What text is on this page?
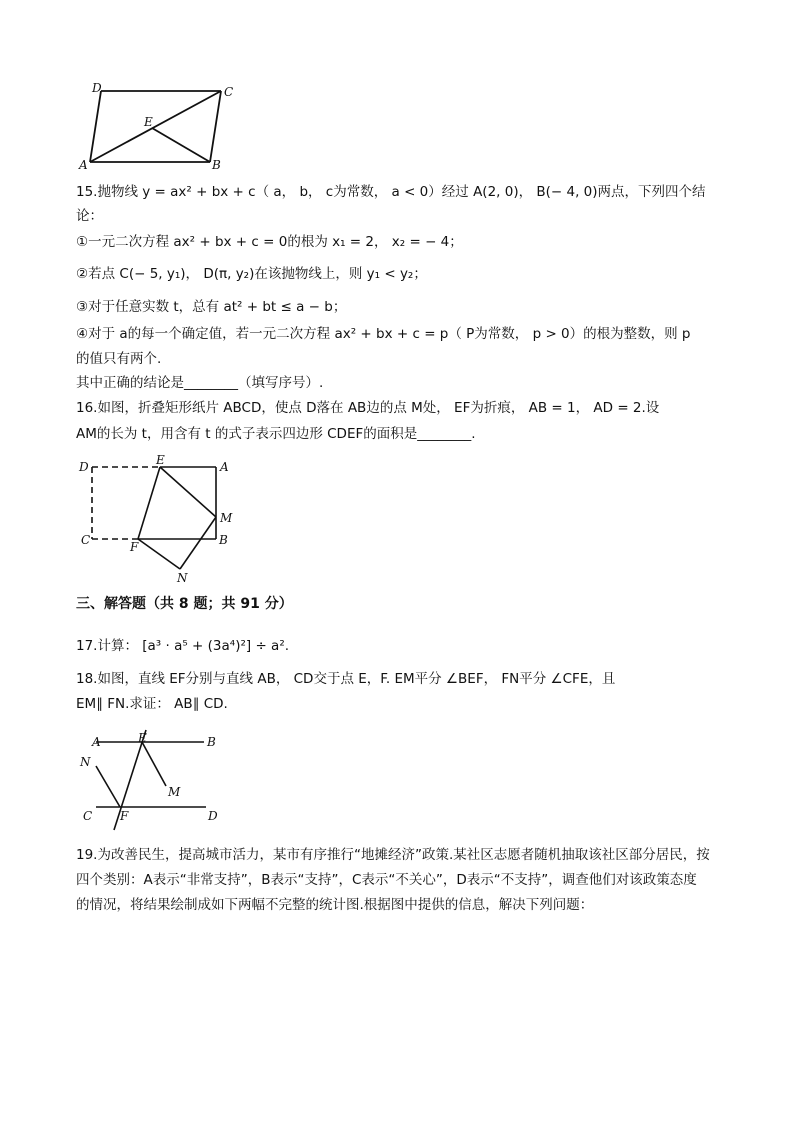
D	C
E
A	B
15.抛物线 y = ax² + bx + c（ a， b， c为常数， a < 0）经过 A(2, 0)， B(− 4, 0)两点，下列四个结
论：
①一元二次方程 ax² + bx + c = 0的根为 x₁ = 2， x₂ = − 4；
②若点 C(− 5, y₁)， D(π, y₂)在该抛物线上，则 y₁ < y₂；
③对于任意实数 t，总有 at² + bt ≤ a − b；
④对于 a的每一个确定值，若一元二次方程 ax² + bx + c = p（ P为常数， p > 0）的根为整数，则 p
的值只有两个.
其中正确的结论是________（填写序号）.
16.如图，折叠矩形纸片 ABCD，使点 D落在 AB边的点 M处， EF为折痕， AB = 1， AD = 2.设
AM的长为 t，用含有 t 的式子表示四边形 CDEF的面积是________.
D	E	A
M
C	F	B
N
三、解答题（共 8 题；共 91 分）
17.计算： [a³ · a⁵ + (3a⁴)²] ÷ a².
18.如图，直线 EF分别与直线 AB， CD交于点 E，F. EM平分 ∠BEF， FN平分 ∠CFE，且
EM∥ FN.求证： AB∥ CD.
A	E	B
N
M
C F	D
19.为改善民生，提高城市活力，某市有序推行“地摊经济”政策.某社区志愿者随机抽取该社区部分居民，按
四个类别：A表示“非常支持”，B表示“支持”，C表示“不关心”，D表示“不支持”，调查他们对该政策态度
的情况，将结果绘制成如下两幅不完整的统计图.根据图中提供的信息，解决下列问题：
